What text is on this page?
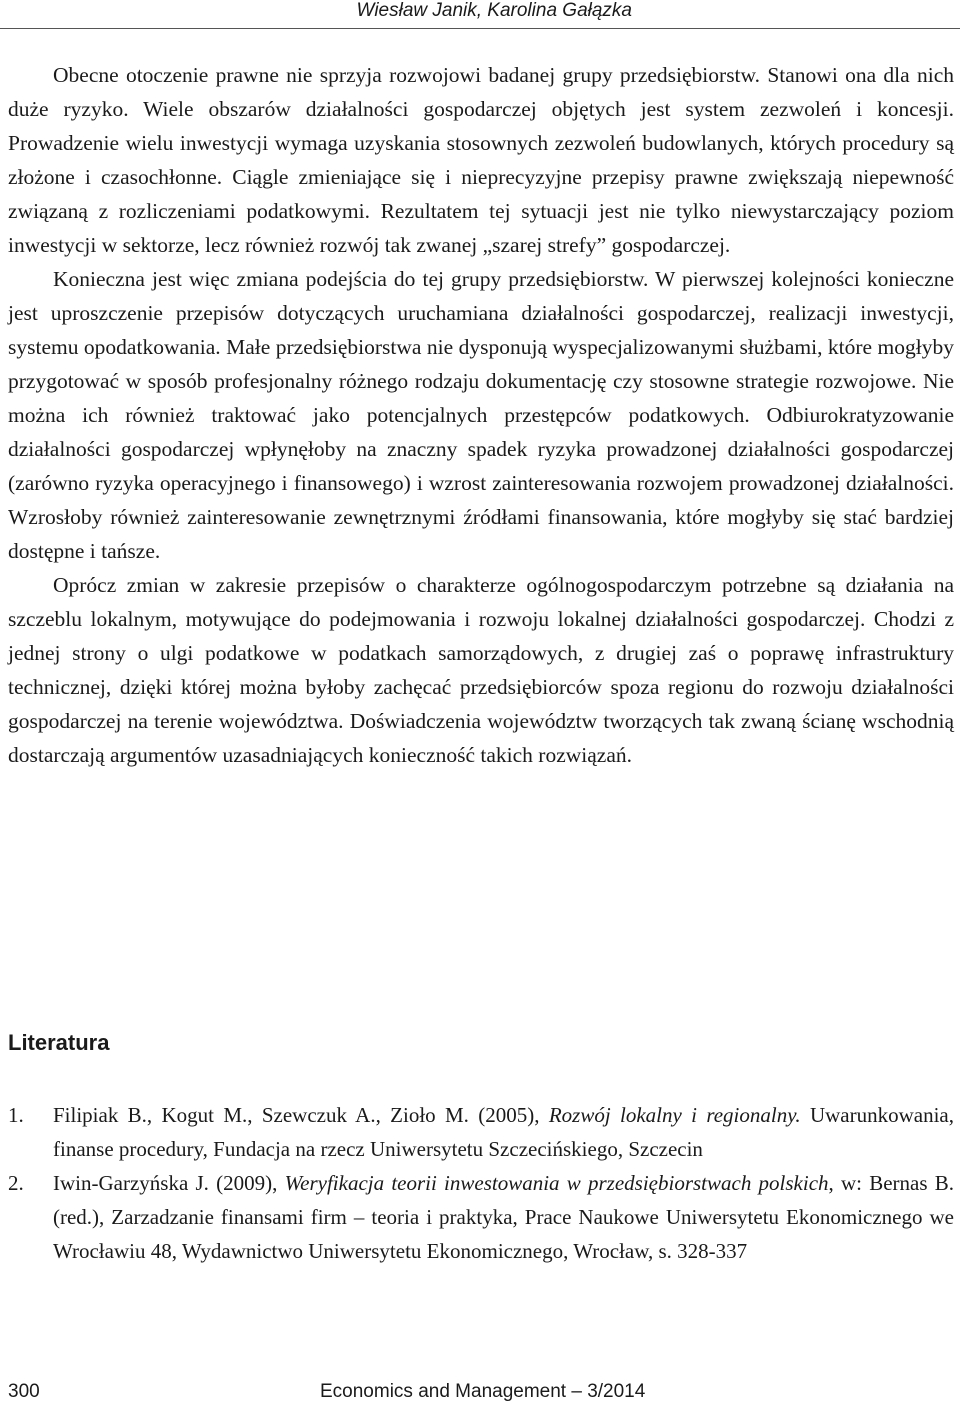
Wiesław Janik, Karolina Gałązka

Obecne otoczenie prawne nie sprzyja rozwojowi badanej grupy przedsiębiorstw. Stanowi ona dla nich duże ryzyko. Wiele obszarów działalności gospodarczej objętych jest system zezwoleń i koncesji. Prowadzenie wielu inwestycji wymaga uzyskania stosownych zezwoleń budowlanych, których procedury są złożone i czasochłonne. Ciągle zmieniające się i nieprecyzyjne przepisy prawne zwiększają niepewność związaną z rozliczeniami podatkowymi. Rezultatem tej sytuacji jest nie tylko niewystarczający poziom inwestycji w sektorze, lecz również rozwój tak zwanej „szarej strefy” gospodarczej.

Konieczna jest więc zmiana podejścia do tej grupy przedsiębiorstw. W pierwszej kolejności konieczne jest uproszczenie przepisów dotyczących uruchamiana działalności gospodarczej, realizacji inwestycji, systemu opodatkowania. Małe przedsiębiorstwa nie dysponują wyspecjalizowanymi służbami, które mogłyby przygotować w sposób profesjonalny różnego rodzaju dokumentację czy stosowne strategie rozwojowe. Nie można ich również traktować jako potencjalnych przestępców podatkowych. Odbiurokratyzowanie działalności gospodarczej wpłynęłoby na znaczny spadek ryzyka prowadzonej działalności gospodarczej (zarówno ryzyka operacyjnego i finansowego) i wzrost zainteresowania rozwojem prowadzonej działalności. Wzrosłoby również zainteresowanie zewnętrznymi źródłami finansowania, które mogłyby się stać bardziej dostępne i tańsze.

Oprócz zmian w zakresie przepisów o charakterze ogólnogospodarczym potrzebne są działania na szczeblu lokalnym, motywujące do podejmowania i rozwoju lokalnej działalności gospodarczej. Chodzi z jednej strony o ulgi podatkowe w podatkach samorządowych, z drugiej zaś o poprawę infrastruktury technicznej, dzięki której można byłoby zachęcać przedsiębiorców spoza regionu do rozwoju działalności gospodarczej na terenie województwa. Doświadczenia województw tworzących tak zwaną ścianę wschodnią dostarczają argumentów uzasadniających konieczność takich rozwiązań.

Literatura
1. Filipiak B., Kogut M., Szewczuk A., Zioło M. (2005), Rozwój lokalny i regionalny. Uwarunkowania, finanse procedury, Fundacja na rzecz Uniwersytetu Szczecińskiego, Szczecin
2. Iwin-Garzyńska J. (2009), Weryfikacja teorii inwestowania w przedsiębiorstwach polskich, w: Bernas B. (red.), Zarzadzanie finansami firm – teoria i praktyka, Prace Naukowe Uniwersytetu Ekonomicznego we Wrocławiu 48, Wydawnictwo Uniwersytetu Ekonomicznego, Wrocław, s. 328-337
300	Economics and Management – 3/2014
